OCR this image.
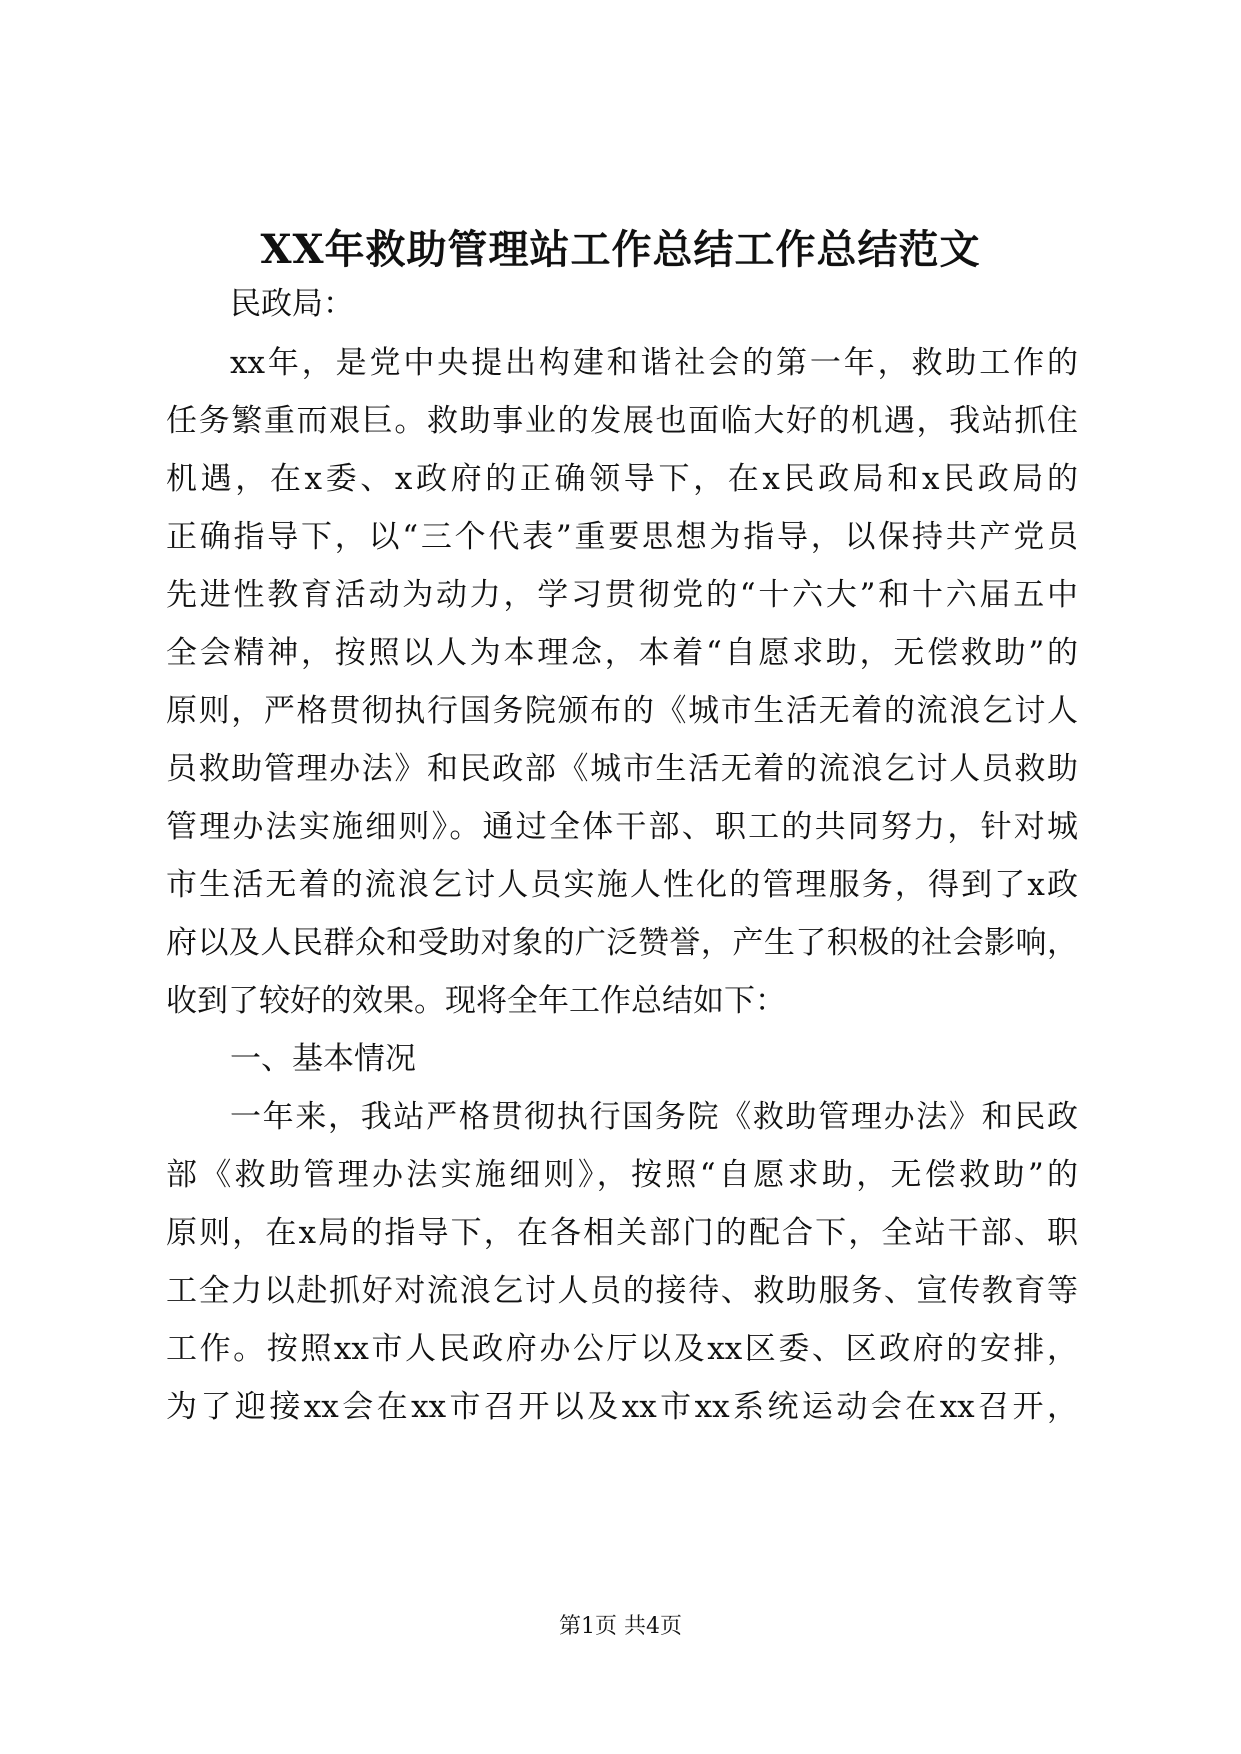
XX年救助管理站工作总结工作总结范文
民政局：
xx年，是党中央提出构建和谐社会的第一年，救助工作的
任务繁重而艰巨。救助事业的发展也面临大好的机遇，我站抓住
机遇，在x委、x政府的正确领导下，在x民政局和x民政局的
正确指导下，以“三个代表”重要思想为指导，以保持共产党员
先进性教育活动为动力，学习贯彻党的“十六大”和十六届五中
全会精神，按照以人为本理念，本着“自愿求助，无偿救助”的
原则，严格贯彻执行国务院颁布的《城市生活无着的流浪乞讨人
员救助管理办法》和民政部《城市生活无着的流浪乞讨人员救助
管理办法实施细则》。通过全体干部、职工的共同努力，针对城
市生活无着的流浪乞讨人员实施人性化的管理服务，得到了x政
府以及人民群众和受助对象的广泛赞誉，产生了积极的社会影响，
收到了较好的效果。现将全年工作总结如下：
一、基本情况
一年来，我站严格贯彻执行国务院《救助管理办法》和民政
部《救助管理办法实施细则》，按照“自愿求助，无偿救助”的
原则，在x局的指导下，在各相关部门的配合下，全站干部、职
工全力以赴抓好对流浪乞讨人员的接待、救助服务、宣传教育等
工作。按照xx市人民政府办公厅以及xx区委、区政府的安排，
为了迎接xx会在xx市召开以及xx市xx系统运动会在xx召开，
第1页 共4页
